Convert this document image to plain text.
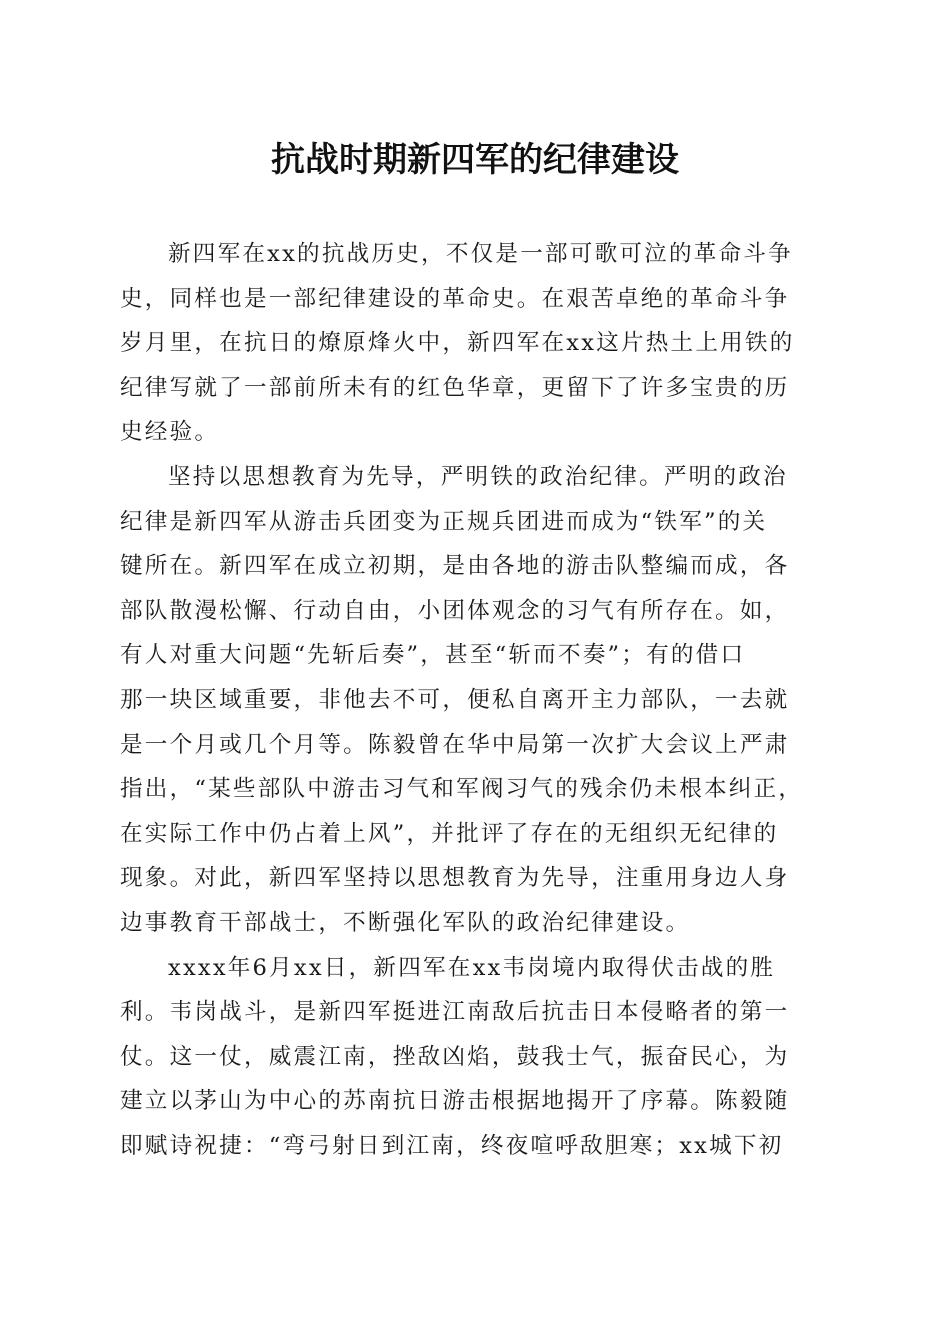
抗战时期新四军的纪律建设

新四军在xx的抗战历史，不仅是一部可歌可泣的革命斗争
史，同样也是一部纪律建设的革命史。在艰苦卓绝的革命斗争
岁月里，在抗日的燎原烽火中，新四军在xx这片热土上用铁的
纪律写就了一部前所未有的红色华章，更留下了许多宝贵的历
史经验。

坚持以思想教育为先导，严明铁的政治纪律。严明的政治
纪律是新四军从游击兵团变为正规兵团进而成为“铁军”的关
键所在。新四军在成立初期，是由各地的游击队整编而成，各
部队散漫松懈、行动自由，小团体观念的习气有所存在。如，
有人对重大问题“先斩后奏”，甚至“斩而不奏”；有的借口
那一块区域重要，非他去不可，便私自离开主力部队，一去就
是一个月或几个月等。陈毅曾在华中局第一次扩大会议上严肃
指出，“某些部队中游击习气和军阀习气的残余仍未根本纠正，
在实际工作中仍占着上风”，并批评了存在的无组织无纪律的
现象。对此，新四军坚持以思想教育为先导，注重用身边人身
边事教育干部战士，不断强化军队的政治纪律建设。

xxxx年6月xx日，新四军在xx韦岗境内取得伏击战的胜
利。韦岗战斗，是新四军挺进江南敌后抗击日本侵略者的第一
仗。这一仗，威震江南，挫敌凶焰，鼓我士气，振奋民心，为
建立以茅山为中心的苏南抗日游击根据地揭开了序幕。陈毅随
即赋诗祝捷：“弯弓射日到江南，终夜喧呼敌胆寒；xx城下初
